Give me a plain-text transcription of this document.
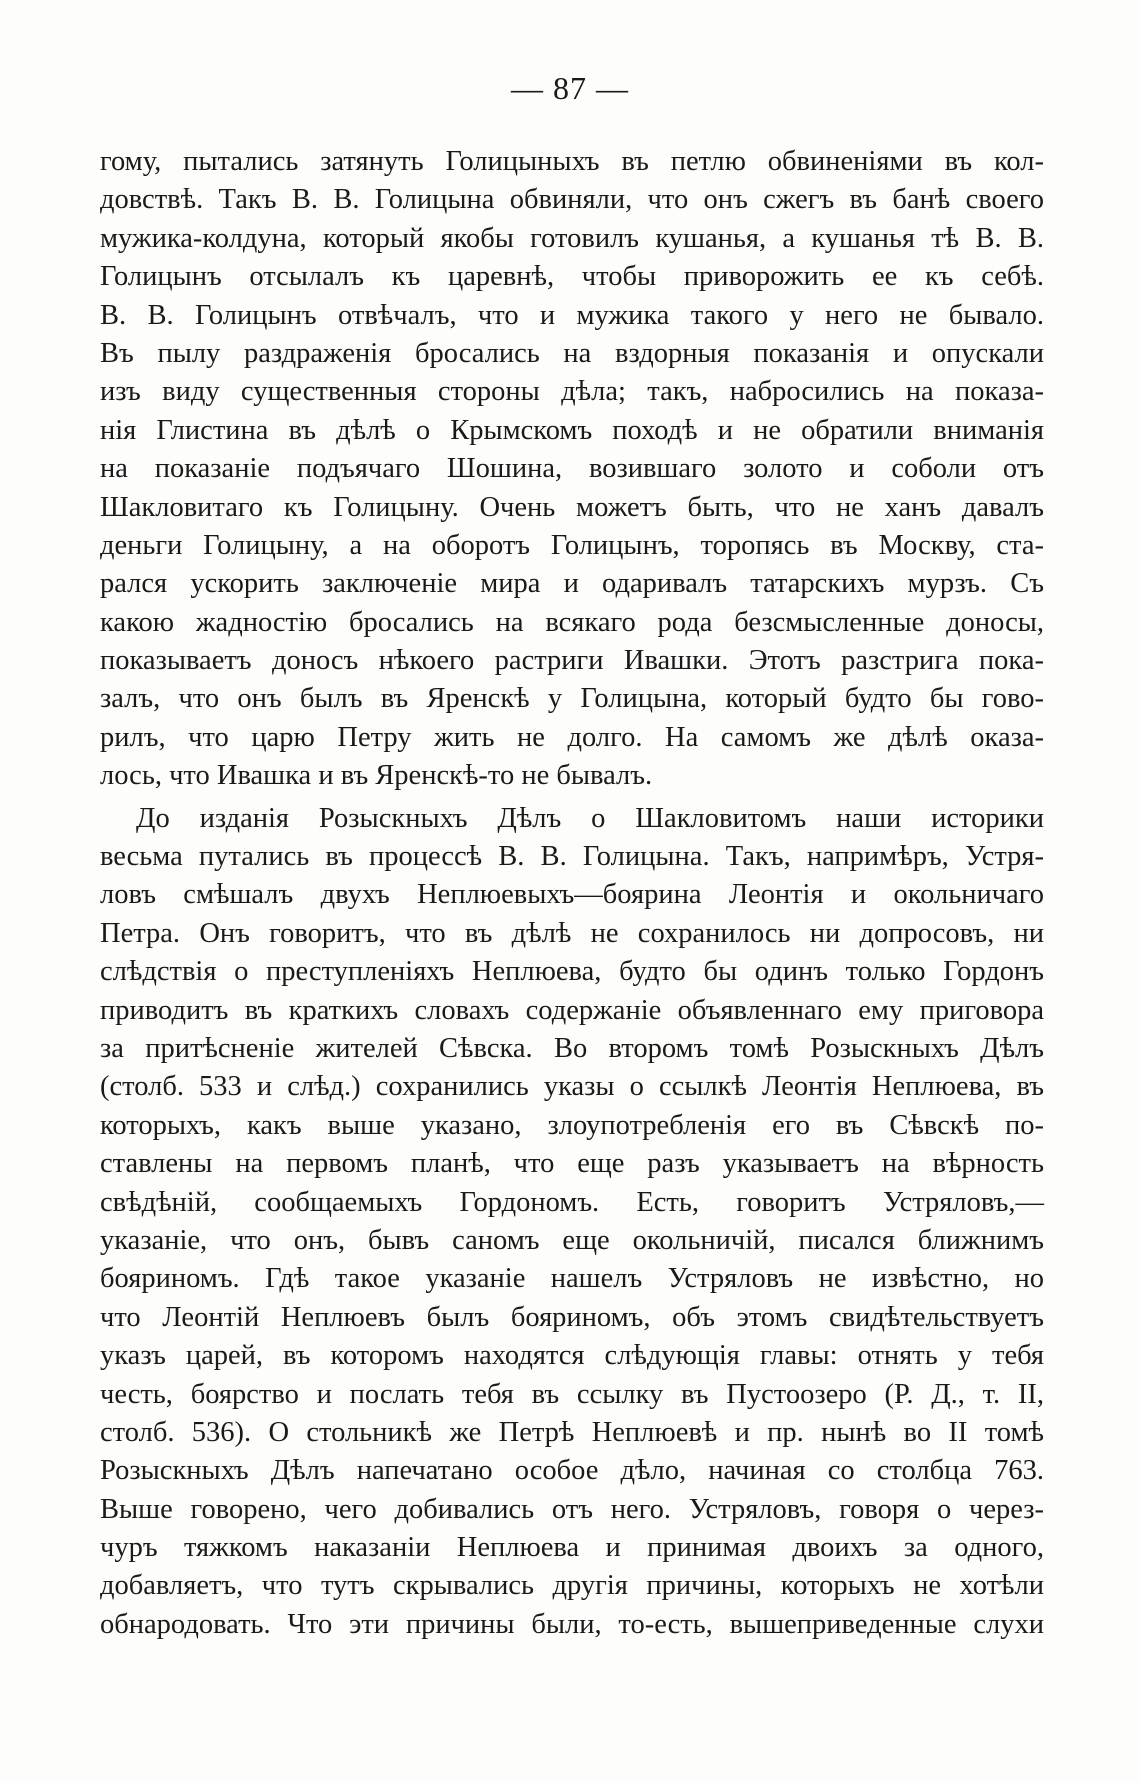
— 87 —
гому, пытались затянуть Голицыныхъ въ петлю обвиненіями въ кол-
довствѣ. Такъ В. В. Голицына обвиняли, что онъ сжегъ въ банѣ своего
мужика-колдуна, который якобы готовилъ кушанья, а кушанья тѣ В. В.
Голицынъ отсылалъ къ царевнѣ, чтобы приворожить ее къ себѣ.
В. В. Голицынъ отвѣчалъ, что и мужика такого у него не бывало.
Въ пылу раздраженія бросались на вздорныя показанія и опускали
изъ виду существенныя стороны дѣла; такъ, набросились на показа-
нія Глистина въ дѣлѣ о Крымскомъ походѣ и не обратили вниманія
на показаніе подъячаго Шошина, возившаго золото и соболи отъ
Шакловитаго къ Голицыну. Очень можетъ быть, что не ханъ давалъ
деньги Голицыну, а на оборотъ Голицынъ, торопясь въ Москву, ста-
рался ускорить заключеніе мира и одаривалъ татарскихъ мурзъ. Съ
какою жадностію бросались на всякаго рода безсмысленные доносы,
показываетъ доносъ нѣкоего растриги Ивашки. Этотъ разстрига пока-
залъ, что онъ былъ въ Яренскѣ у Голицына, который будто бы гово-
рилъ, что царю Петру жить не долго. На самомъ же дѣлѣ оказа-
лось, что Ивашка и въ Яренскѣ-то не бывалъ.
До изданія Розыскныхъ Дѣлъ о Шакловитомъ наши историки
весьма путались въ процессѣ В. В. Голицына. Такъ, напримѣръ, Устря-
ловъ смѣшалъ двухъ Неплюевыхъ—боярина Леонтія и окольничаго
Петра. Онъ говоритъ, что въ дѣлѣ не сохранилось ни допросовъ, ни
слѣдствія о преступленіяхъ Неплюева, будто бы одинъ только Гордонъ
приводитъ въ краткихъ словахъ содержаніе объявленнаго ему приговора
за притѣсненіе жителей Сѣвска. Во второмъ томѣ Розыскныхъ Дѣлъ
(столб. 533 и слѣд.) сохранились указы о ссылкѣ Леонтія Неплюева, въ
которыхъ, какъ выше указано, злоупотребленія его въ Сѣвскѣ по-
ставлены на первомъ планѣ, что еще разъ указываетъ на вѣрность
свѣдѣній, сообщаемыхъ Гордономъ. Есть, говоритъ Устряловъ,—
указаніе, что онъ, бывъ саномъ еще окольничій, писался ближнимъ
бояриномъ. Гдѣ такое указаніе нашелъ Устряловъ не извѣстно, но
что Леонтій Неплюевъ былъ бояриномъ, объ этомъ свидѣтельствуетъ
указъ царей, въ которомъ находятся слѣдующія главы: отнять у тебя
честь, боярство и послать тебя въ ссылку въ Пустоозеро (Р. Д., т. II,
столб. 536). О стольникѣ же Петрѣ Неплюевѣ и пр. нынѣ во II томѣ
Розыскныхъ Дѣлъ напечатано особое дѣло, начиная со столбца 763.
Выше говорено, чего добивались отъ него. Устряловъ, говоря о через-
чуръ тяжкомъ наказаніи Неплюева и принимая двоихъ за одного,
добавляетъ, что тутъ скрывались другія причины, которыхъ не хотѣли
обнародовать. Что эти причины были, то-есть, вышеприведенные слухи
